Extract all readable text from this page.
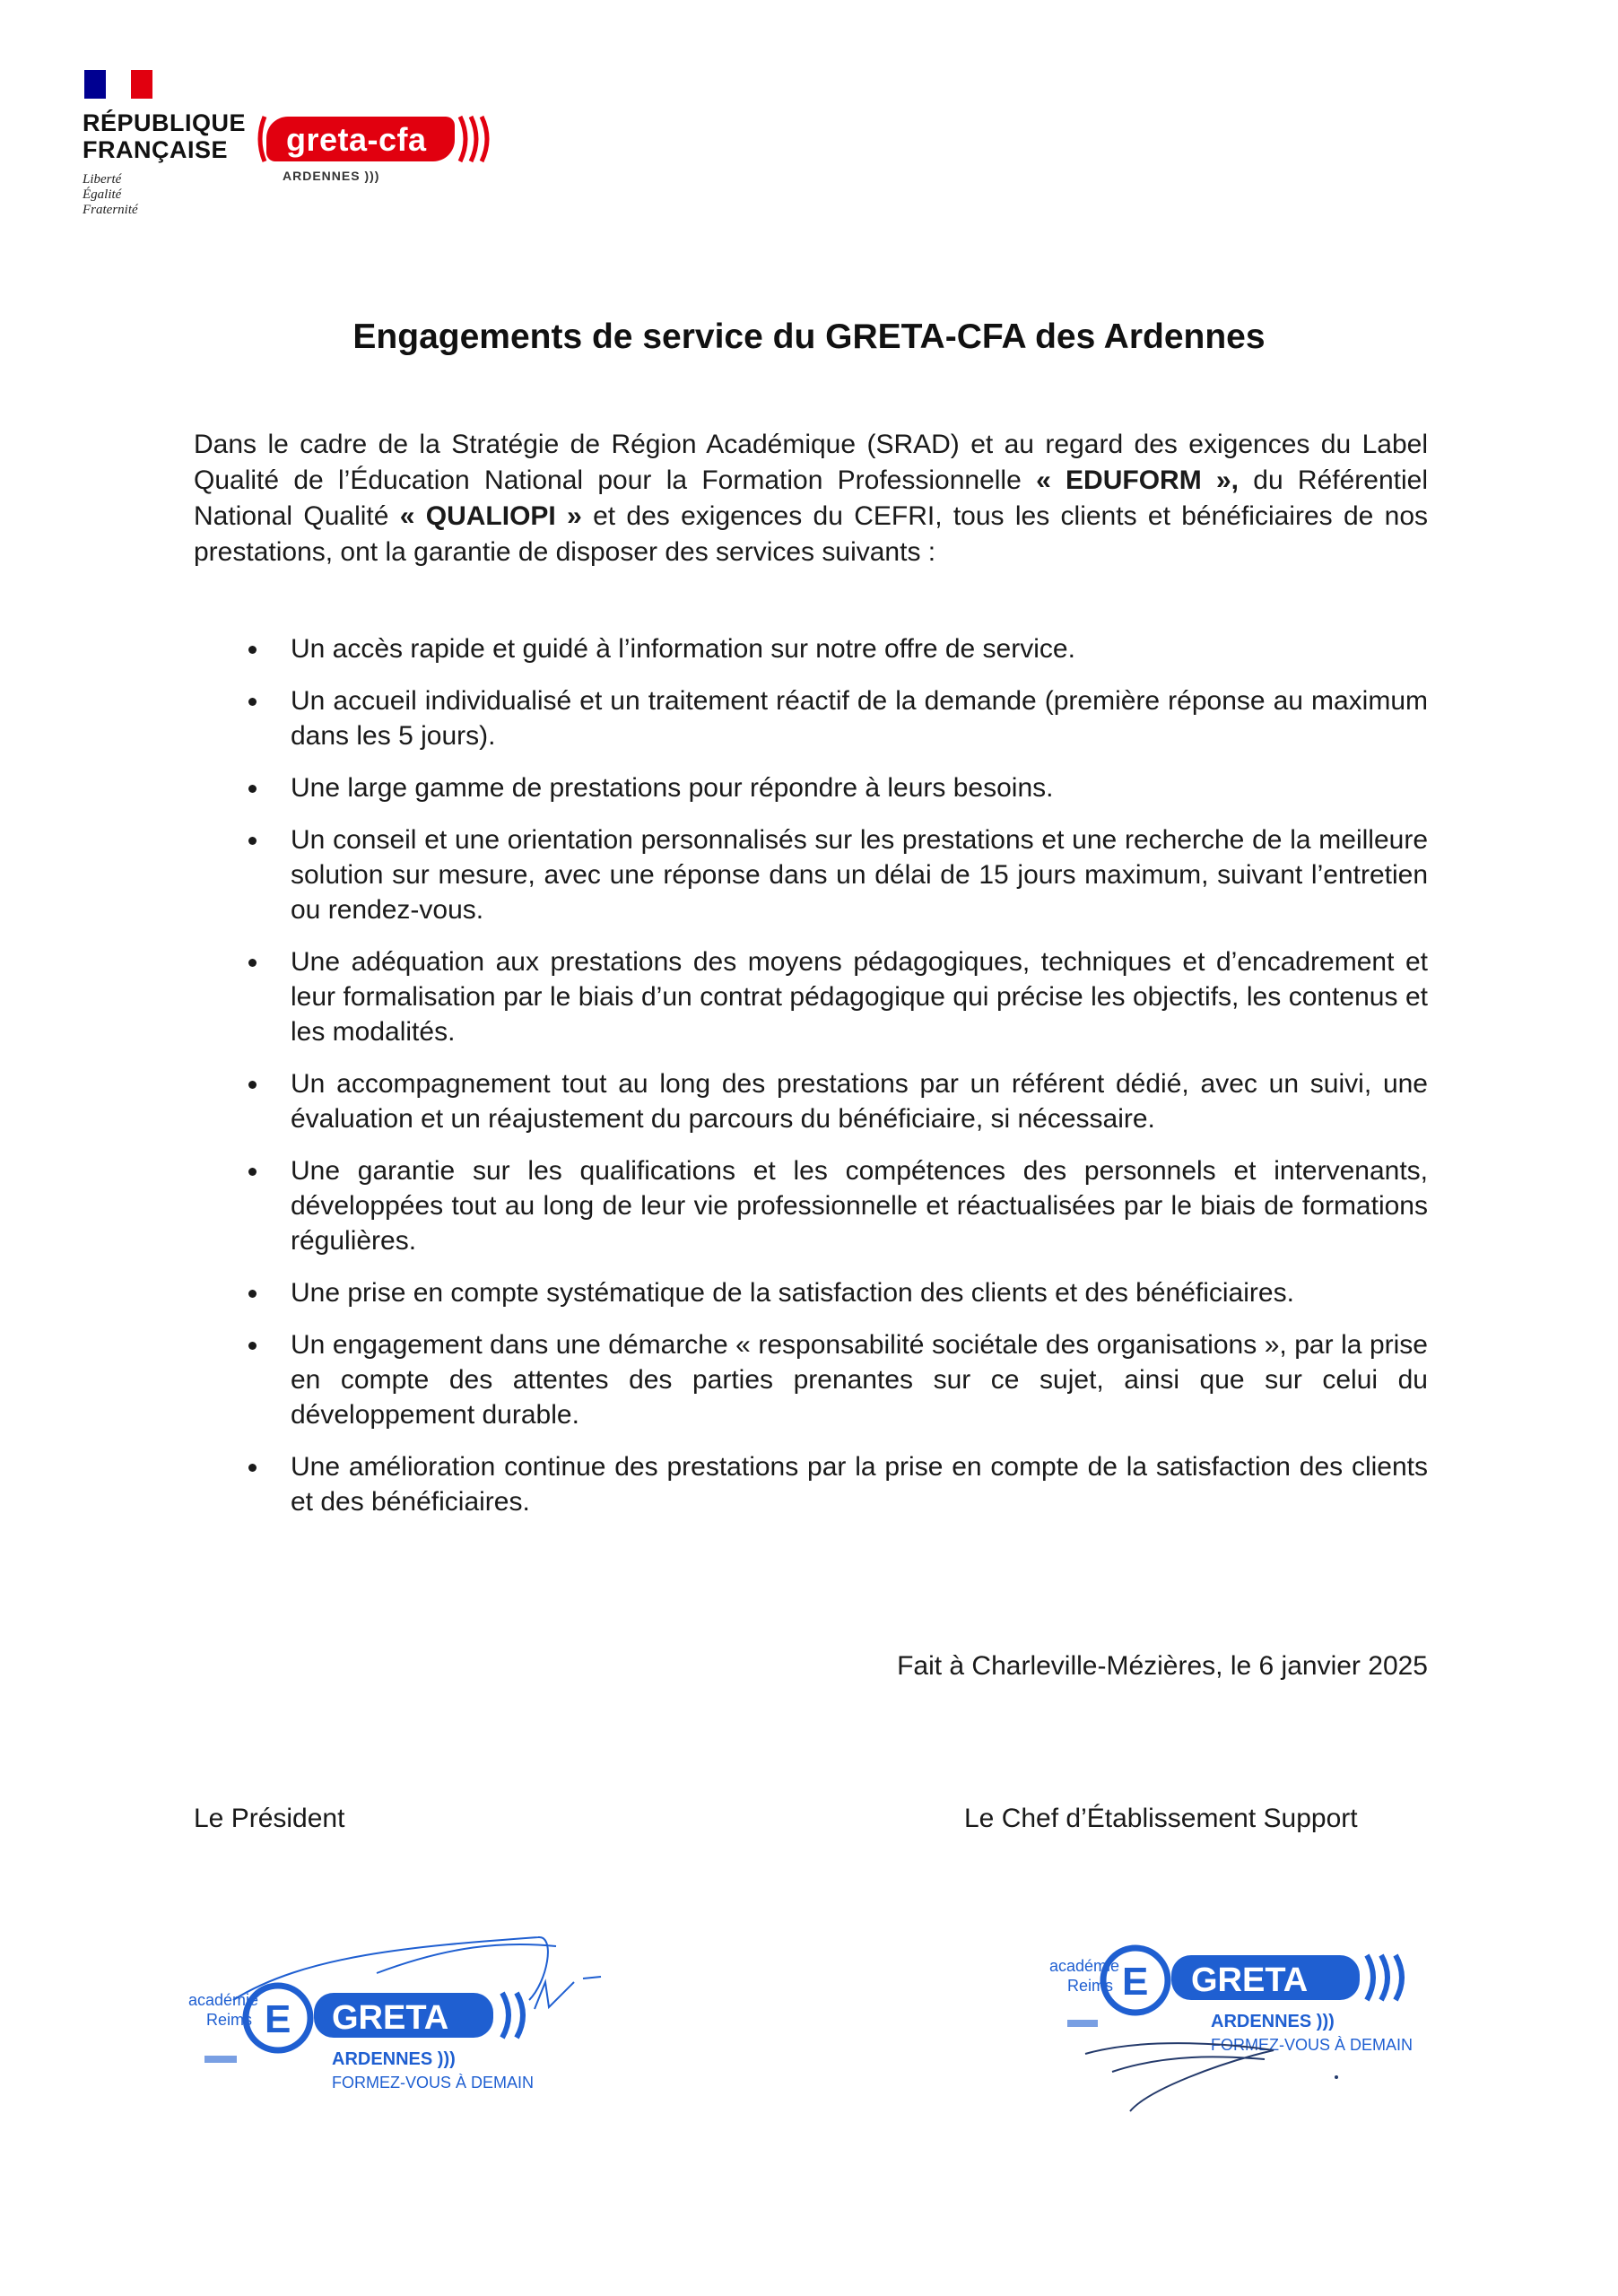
RÉPUBLIQUE
FRANÇAISE
Liberté
Égalité
Fraternité
greta-cfa
ARDENNES )))
Engagements de service du GRETA-CFA des Ardennes

Dans le cadre de la Stratégie de Région Académique (SRAD) et au regard des exigences du Label Qualité de l’Éducation National pour la Formation Professionnelle « EDUFORM », du Référentiel National Qualité « QUALIOPI » et des exigences du CEFRI, tous les clients et bénéficiaires de nos prestations, ont la garantie de disposer des services suivants :

Un accès rapide et guidé à l’information sur notre offre de service.
Un accueil individualisé et un traitement réactif de la demande (première réponse au maximum dans les 5 jours).
Une large gamme de prestations pour répondre à leurs besoins.
Un conseil et une orientation personnalisés sur les prestations et une recherche de la meilleure solution sur mesure, avec une réponse dans un délai de 15 jours maximum, suivant l’entretien ou rendez-vous.
Une adéquation aux prestations des moyens pédagogiques, techniques et d’encadrement et leur formalisation par le biais d’un contrat pédagogique qui précise les objectifs, les contenus et les modalités.
Un accompagnement tout au long des prestations par un référent dédié, avec un suivi, une évaluation et un réajustement du parcours du bénéficiaire, si nécessaire.
Une garantie sur les qualifications et les compétences des personnels et intervenants, développées tout au long de leur vie professionnelle et réactualisées par le biais de formations régulières.
Une prise en compte systématique de la satisfaction des clients et des bénéficiaires.
Un engagement dans une démarche « responsabilité sociétale des organisations », par la prise en compte des attentes des parties prenantes sur ce sujet, ainsi que sur celui du développement durable.
Une amélioration continue des prestations par la prise en compte de la satisfaction des clients et des bénéficiaires.
Fait à Charleville-Mézières, le 6 janvier 2025
Le Président	Le Chef d’Établissement Support
académie
Reims E GRETA
ARDENNES )))
FORMEZ-VOUS À DEMAIN
académie
Reims E GRETA
ARDENNES )))
FORMEZ-VOUS À DEMAIN
